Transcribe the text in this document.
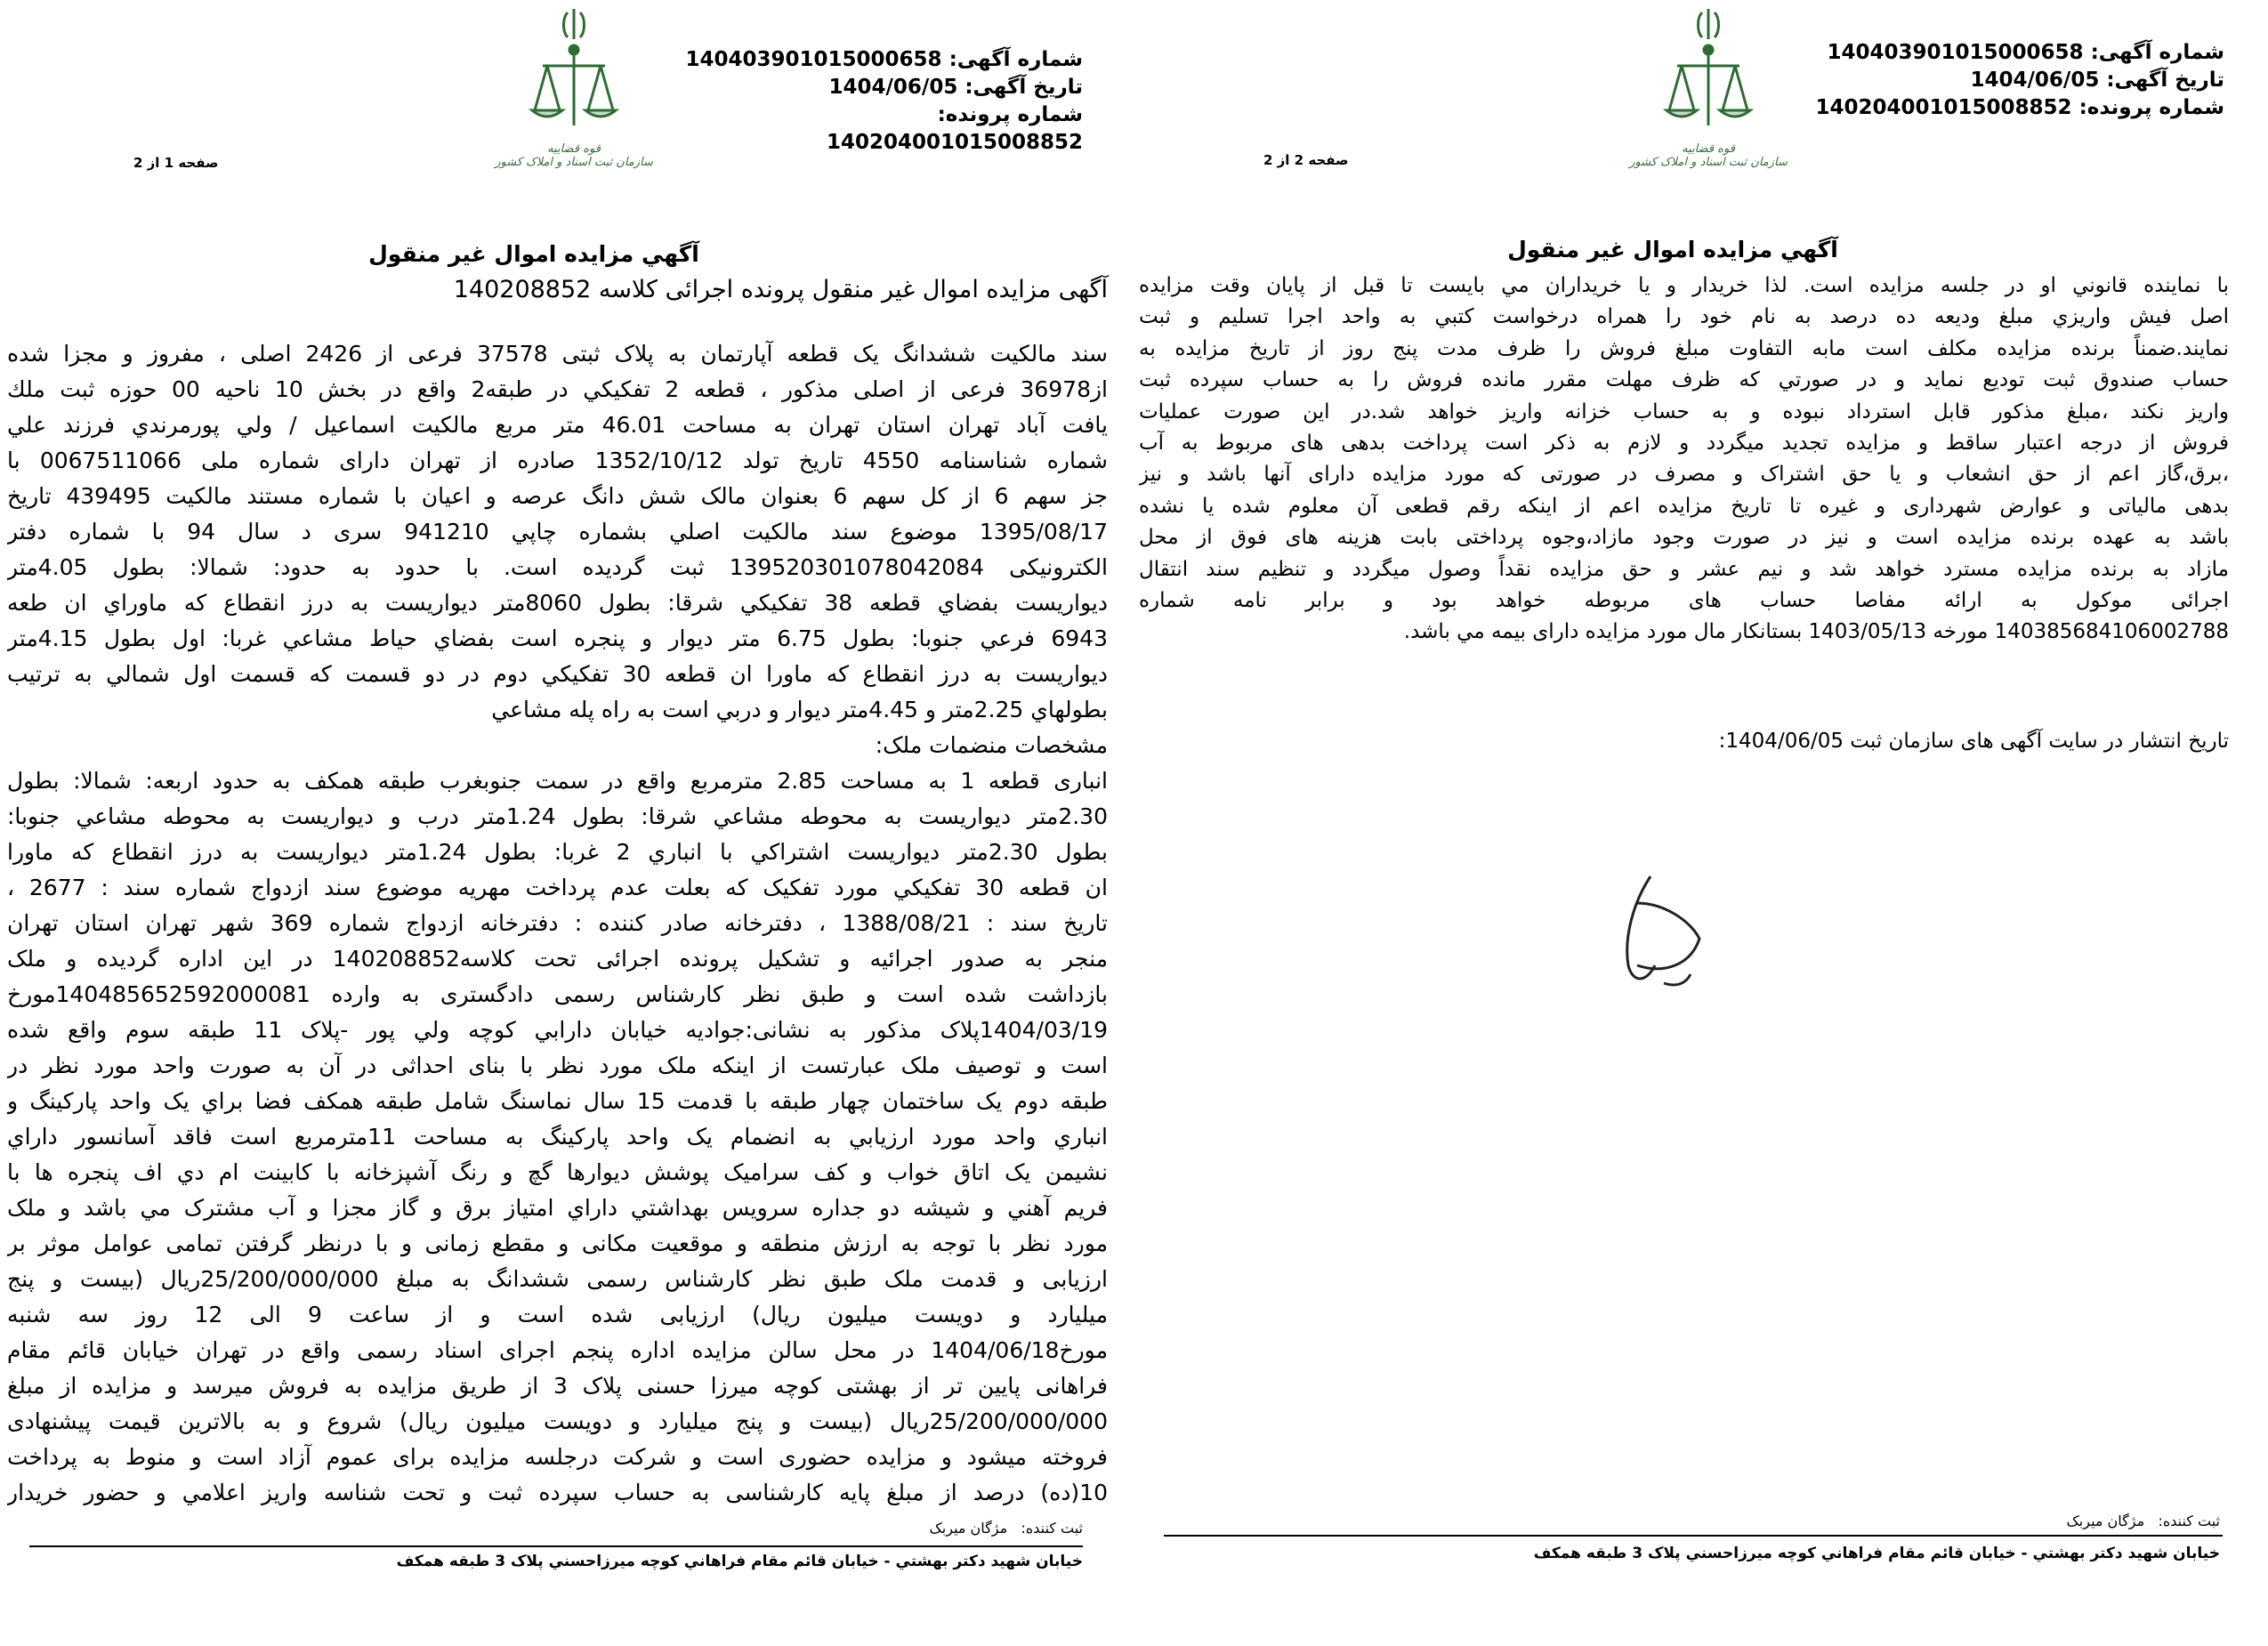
شماره آگهی: 140403901015000658
تاریخ آگهی: 1404/06/05
شماره پرونده: 140204001015008852
قوه قضاییه
سازمان ثبت اسناد و املاک کشور
صفحه 2 از 2
آگهي مزايده اموال غير منقول
با نماينده قانوني او در جلسه مزايده است. لذا خريدار و يا خريداران مي بايست تا قبل از پايان وقت مزايده
اصل فيش واريزي مبلغ وديعه ده درصد به نام خود را همراه درخواست کتبي به واحد اجرا تسليم و ثبت
نمايند.ضمناً برنده مزايده مکلف است مابه التفاوت مبلغ فروش را ظرف مدت پنج روز از تاريخ مزايده به
حساب صندوق ثبت توديع نمايد و در صورتي که ظرف مهلت مقرر مانده فروش را به حساب سپرده ثبت
واريز نکند ،مبلغ مذکور قابل استرداد نبوده و به حساب خزانه واريز خواهد شد.در اين صورت عمليات
فروش از درجه اعتبار ساقط و مزايده تجديد ميگردد و لازم به ذکر است پرداخت بدهی های مربوط به آب
،برق،گاز اعم از حق انشعاب و يا حق اشتراک و مصرف در صورتی که مورد مزايده دارای آنها باشد و نيز
بدهی مالياتی و عوارض شهرداری و غيره تا تاريخ مزايده اعم از اينکه رقم قطعی آن معلوم شده يا نشده
باشد به عهده برنده مزايده است و نيز در صورت وجود مازاد،وجوه پرداختی بابت هزينه های فوق از محل
مازاد به برنده مزايده مسترد خواهد شد و نيم عشر و حق مزايده نقداً وصول ميگردد و تنظيم سند انتقال
اجرائی موکول به ارائه مفاصا حساب های مربوطه خواهد بود و برابر نامه شماره
14038568410600278​8 مورخه 1403/05/13 بستانکار مال مورد مزايده دارای بيمه مي باشد.
تاريخ انتشار در سايت آگهی های سازمان ثبت 1404/06/05:
ثبت کننده:   مژگان میربک
خيابان شهيد دکتر بهشتي - خيابان قائم مقام فراهاني کوچه ميرزاحسني پلاک 3 طبقه همکف
شماره آگهی: 140403901015000658
تاریخ آگهی: 1404/06/05
شماره پرونده: 140204001015008852
قوه قضاییه
سازمان ثبت اسناد و املاک کشور
صفحه 1 از 2
آگهي مزايده اموال غير منقول
آگهی مزايده اموال غير منقول پرونده اجرائی کلاسه 140208852
سند مالکيت ششدانگ يک قطعه آپارتمان به پلاک ثبتی 37578 فرعی از 2426 اصلی ، مفروز و مجزا شده
از36978 فرعی از اصلی مذکور ، قطعه 2 تفکيکي در طبقه2 واقع در بخش 10 ناحيه 00 حوزه ثبت ملك
يافت آباد تهران استان تهران به مساحت 46.01 متر مربع مالکيت اسماعيل / ولي پورمرندي فرزند علي
شماره شناسنامه 4550 تاريخ تولد 1352/10/12 صادره از تهران دارای شماره ملی 0067511066 با
جز سهم 6 از کل سهم 6 بعنوان مالک شش دانگ عرصه و اعيان با شماره مستند مالکيت 439495 تاريخ
1395/08/17 موضوع سند مالکيت اصلي بشماره چاپي 941210 سری د سال 94 با شماره دفتر
الکترونيکی 139520301078042084 ثبت گرديده است. با حدود به حدود: شمالا: بطول 4.05متر
ديواريست بفضاي قطعه 38 تفکيکي شرقا: بطول 8060متر ديواريست به درز انقطاع که ماوراي ان طعه
6943 فرعي جنوبا: بطول 6.75 متر ديوار و پنجره است بفضاي حياط مشاعي غربا: اول بطول 4.15متر
ديواريست به درز انقطاع که ماورا ان قطعه 30 تفکيکي دوم در دو قسمت که قسمت اول شمالي به ترتيب
بطولهاي 2.25متر و 4.45متر ديوار و دربي است به راه پله مشاعي
مشخصات منضمات ملک:
انباری قطعه 1 به مساحت 2.85 مترمربع واقع در سمت جنوبغرب طبقه همکف به حدود اربعه: شمالا: بطول
2.30متر ديواريست به محوطه مشاعي شرقا: بطول 1.24متر درب و ديواريست به محوطه مشاعي جنوبا:
بطول 2.30متر ديواريست اشتراکي با انباري 2 غربا: بطول 1.24متر ديواريست به درز انقطاع که ماورا
ان قطعه 30 تفکيکي مورد تفکيک که بعلت عدم پرداخت مهريه موضوع سند ازدواج شماره سند : 2677 ،
تاريخ سند : 1388/08/21 ، دفترخانه صادر کننده : دفترخانه ازدواج شماره 369 شهر تهران استان تهران
منجر به صدور اجرائيه و تشکيل پرونده اجرائی تحت کلاسه140208852 در اين اداره گرديده و ملک
بازداشت شده است و طبق نظر کارشناس رسمی دادگستری به وارده 140485652592000081مورخ
1404/03/19پلاک مذکور به نشانی:جواديه خيابان دارابي کوچه ولي پور -پلاک 11 طبقه سوم واقع شده
است و توصيف ملک عبارتست از اينکه ملک مورد نظر با بنای احداثی در آن به صورت واحد مورد نظر در
طبقه دوم يک ساختمان چهار طبقه با قدمت 15 سال نماسنگ شامل طبقه همکف فضا براي يک واحد پارکينگ و
انباري واحد مورد ارزيابي به انضمام يک واحد پارکينگ به مساحت 11مترمربع است فاقد آسانسور داراي
نشيمن يک اتاق خواب و کف سراميک پوشش ديوارها گچ و رنگ آشپزخانه با کابينت ام دي اف پنجره ها با
فريم آهني و شيشه دو جداره سرويس بهداشتي داراي امتياز برق و گاز مجزا و آب مشترک مي باشد و ملک
مورد نظر با توجه به ارزش منطقه و موقعيت مکانی و مقطع زمانی و با درنظر گرفتن تمامی عوامل موثر بر
ارزيابی و قدمت ملک طبق نظر کارشناس رسمی ششدانگ به مبلغ 25/200/000/000ريال (بيست و پنج
ميليارد و دويست ميليون ريال) ارزيابی شده است و از ساعت 9 الی 12 روز سه شنبه
مورخ1404/06/18 در محل سالن مزايده اداره پنجم اجرای اسناد رسمی واقع در تهران خيابان قائم مقام
فراهانی پايين تر از بهشتی کوچه ميرزا حسنی پلاک 3 از طريق مزايده به فروش ميرسد و مزايده از مبلغ
25/200/000/000ريال (بيست و پنج ميليارد و دويست ميليون ريال) شروع و به بالاترين قيمت پيشنهادی
فروخته ميشود و مزايده حضوری است و شرکت درجلسه مزايده برای عموم آزاد است و منوط به پرداخت
10(ده) درصد از مبلغ پايه کارشناسی به حساب سپرده ثبت و تحت شناسه واريز اعلامي و حضور خريدار
ثبت کننده:   مژگان میربک
خيابان شهيد دکتر بهشتي - خيابان قائم مقام فراهاني کوچه ميرزاحسني پلاک 3 طبقه همکف
